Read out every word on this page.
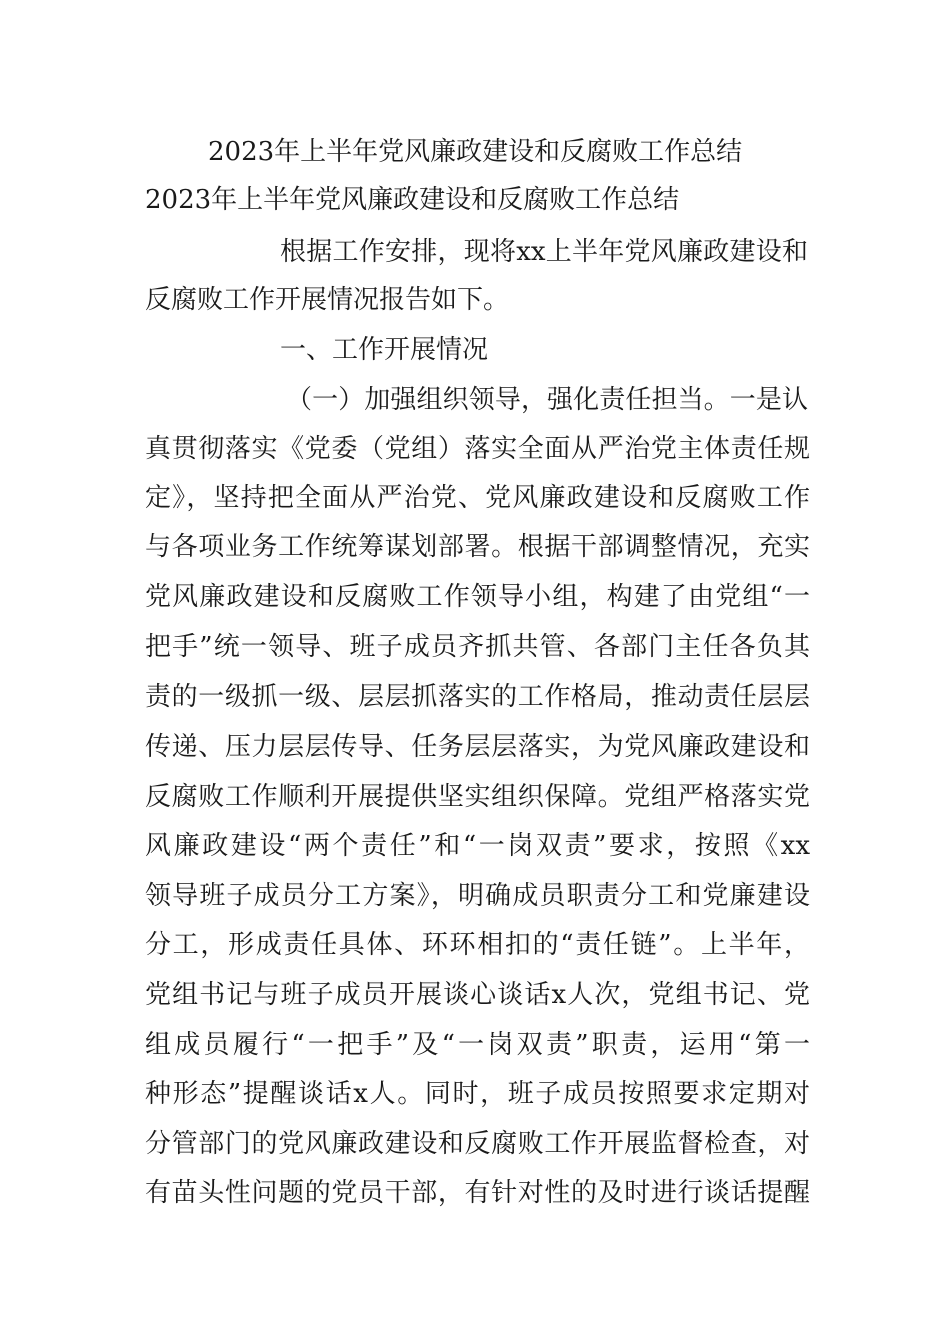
2023年上半年党风廉政建设和反腐败工作总结
2023年上半年党风廉政建设和反腐败工作总结
根据工作安排，现将xx上半年党风廉政建设和
反腐败工作开展情况报告如下。
一、工作开展情况
（一）加强组织领导，强化责任担当。一是认
真贯彻落实《党委（党组）落实全面从严治党主体责任规
定》，坚持把全面从严治党、党风廉政建设和反腐败工作
与各项业务工作统筹谋划部署。根据干部调整情况，充实
党风廉政建设和反腐败工作领导小组，构建了由党组“一
把手”统一领导、班子成员齐抓共管、各部门主任各负其
责的一级抓一级、层层抓落实的工作格局，推动责任层层
传递、压力层层传导、任务层层落实，为党风廉政建设和
反腐败工作顺利开展提供坚实组织保障。党组严格落实党
风廉政建设“两个责任”和“一岗双责”要求，按照《xx
领导班子成员分工方案》，明确成员职责分工和党廉建设
分工，形成责任具体、环环相扣的“责任链”。上半年，
党组书记与班子成员开展谈心谈话x人次，党组书记、党
组成员履行“一把手”及“一岗双责”职责，运用“第一
种形态”提醒谈话x人。同时，班子成员按照要求定期对
分管部门的党风廉政建设和反腐败工作开展监督检查，对
有苗头性问题的党员干部，有针对性的及时进行谈话提醒
